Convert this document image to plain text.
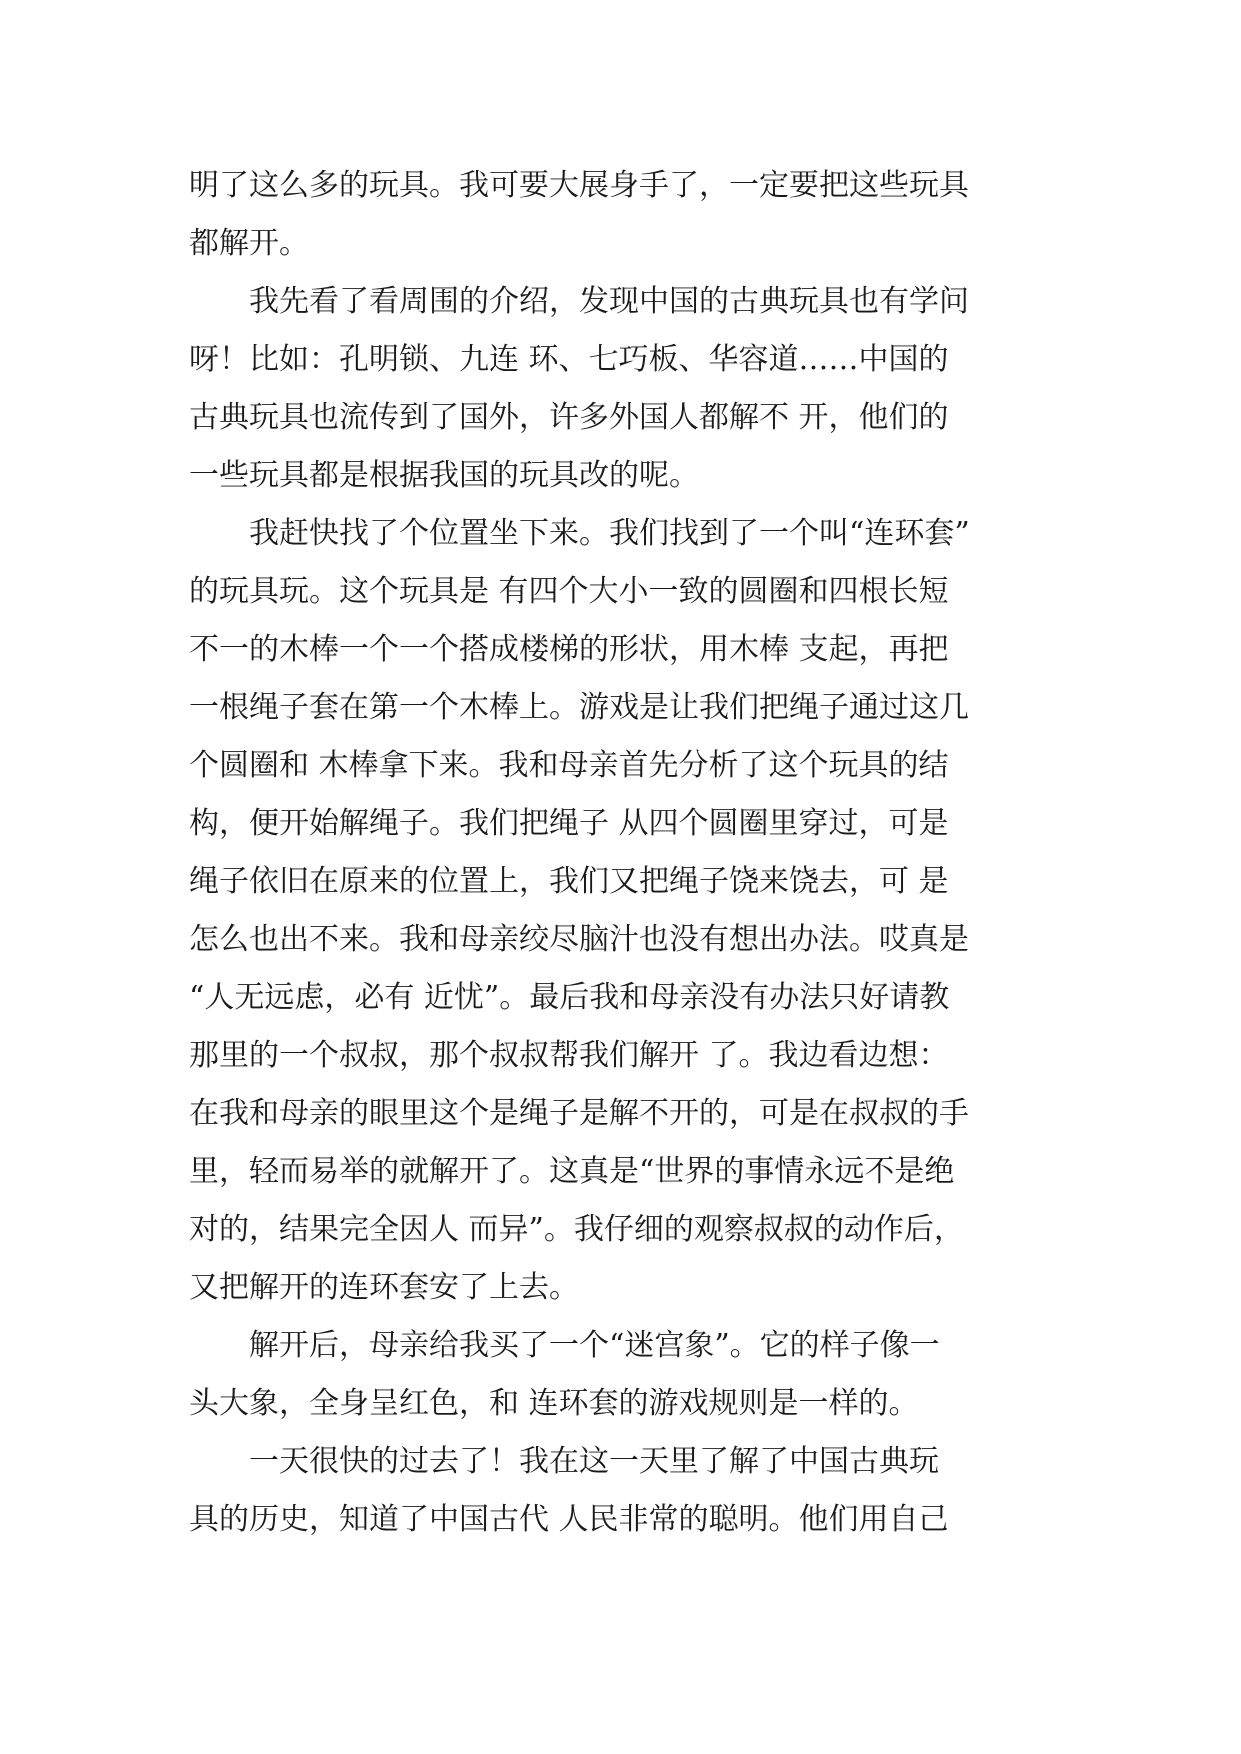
明了这么多的玩具。我可要大展身手了，一定要把这些玩具
都解开。
　　我先看了看周围的介绍，发现中国的古典玩具也有学问
呀！比如：孔明锁、九连 环、七巧板、华容道……中国的
古典玩具也流传到了国外，许多外国人都解不 开，他们的
一些玩具都是根据我国的玩具改的呢。
　　我赶快找了个位置坐下来。我们找到了一个叫“连环套”
的玩具玩。这个玩具是 有四个大小一致的圆圈和四根长短
不一的木棒一个一个搭成楼梯的形状，用木棒 支起，再把
一根绳子套在第一个木棒上。游戏是让我们把绳子通过这几
个圆圈和 木棒拿下来。我和母亲首先分析了这个玩具的结
构，便开始解绳子。我们把绳子 从四个圆圈里穿过，可是
绳子依旧在原来的位置上，我们又把绳子饶来饶去，可 是
怎么也出不来。我和母亲绞尽脑汁也没有想出办法。哎真是
“人无远虑，必有 近忧”。最后我和母亲没有办法只好请教
那里的一个叔叔，那个叔叔帮我们解开 了。我边看边想：
在我和母亲的眼里这个是绳子是解不开的，可是在叔叔的手
里，轻而易举的就解开了。这真是“世界的事情永远不是绝
对的，结果完全因人 而异”。我仔细的观察叔叔的动作后，
又把解开的连环套安了上去。
　　解开后，母亲给我买了一个“迷宫象”。它的样子像一
头大象，全身呈红色，和 连环套的游戏规则是一样的。
　　一天很快的过去了！我在这一天里了解了中国古典玩
具的历史，知道了中国古代 人民非常的聪明。他们用自己
